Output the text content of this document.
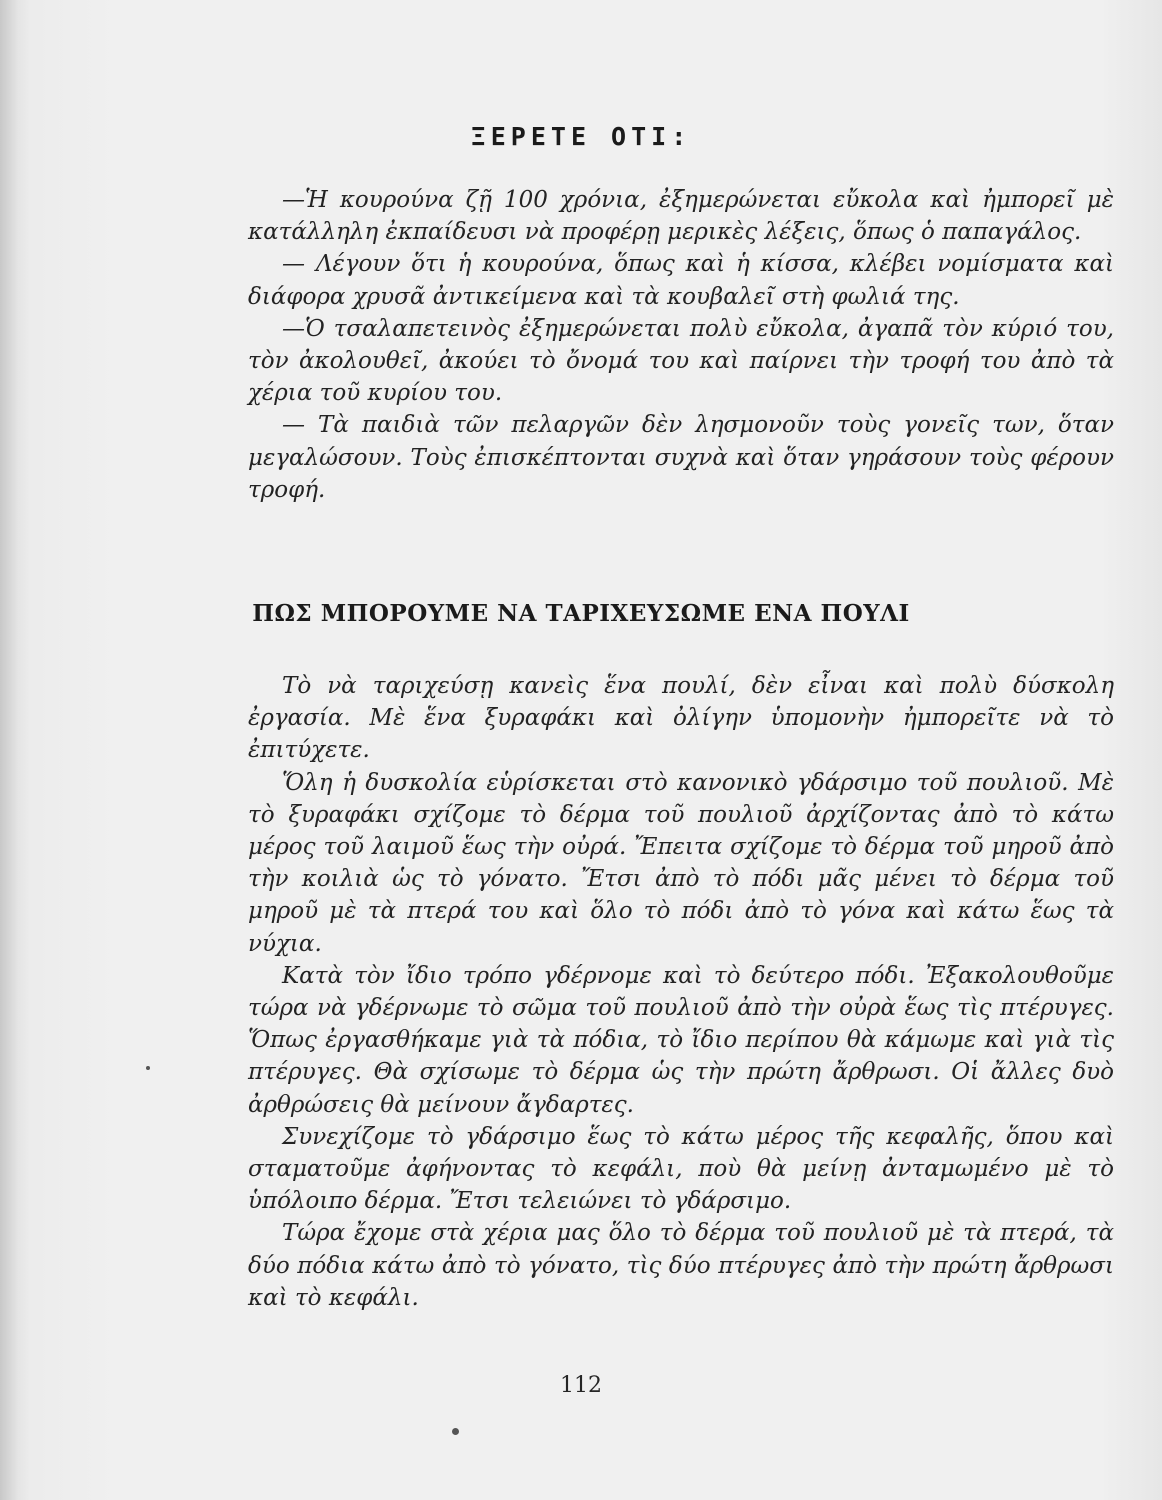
ΞΕΡΕΤΕ ΟΤΙ:

—Ἡ κουρούνα ζῇ 100 χρόνια, ἐξημερώνεται εὔκολα καὶ ἠμπορεῖ μὲ κατάλληλη ἐκπαίδευσι νὰ προφέρῃ μερικὲς λέξεις, ὅπως ὁ παπαγάλος.

— Λέγουν ὅτι ἡ κουρούνα, ὅπως καὶ ἡ κίσσα, κλέβει νομίσματα καὶ διάφορα χρυσᾶ ἀντικείμενα καὶ τὰ κουβαλεῖ στὴ φωλιά της.

—Ὁ τσαλαπετεινὸς ἐξημερώνεται πολὺ εὔκολα, ἀγαπᾶ τὸν κύριό του, τὸν ἀκολουθεῖ, ἀκούει τὸ ὄνομά του καὶ παίρνει τὴν τροφή του ἀπὸ τὰ χέρια τοῦ κυρίου του.

— Τὰ παιδιὰ τῶν πελαργῶν δὲν λησμονοῦν τοὺς γονεῖς των, ὅταν μεγαλώσουν. Τοὺς ἐπισκέπτονται συχνὰ καὶ ὅταν γηράσουν τοὺς φέρουν τροφή.

ΠΩΣ ΜΠΟΡΟΥΜΕ ΝΑ ΤΑΡΙΧΕΥΣΩΜΕ ΕΝΑ ΠΟΥΛΙ

Τὸ νὰ ταριχεύσῃ κανεὶς ἕνα πουλί, δὲν εἶναι καὶ πολὺ δύσκολη ἐργασία. Μὲ ἕνα ξυραφάκι καὶ ὀλίγην ὑπομονὴν ἠμπορεῖτε νὰ τὸ ἐπιτύχετε.

Ὅλη ἡ δυσκολία εὑρίσκεται στὸ κανονικὸ γδάρσιμο τοῦ πουλιοῦ. Μὲ τὸ ξυραφάκι σχίζομε τὸ δέρμα τοῦ πουλιοῦ ἀρχίζοντας ἀπὸ τὸ κάτω μέρος τοῦ λαιμοῦ ἕως τὴν οὐρά. Ἔπειτα σχίζομε τὸ δέρμα τοῦ μηροῦ ἀπὸ τὴν κοιλιὰ ὡς τὸ γόνατο. Ἔτσι ἀπὸ τὸ πόδι μᾶς μένει τὸ δέρμα τοῦ μηροῦ μὲ τὰ πτερά του καὶ ὅλο τὸ πόδι ἀπὸ τὸ γόνα καὶ κάτω ἕως τὰ νύχια.

Κατὰ τὸν ἴδιο τρόπο γδέρνομε καὶ τὸ δεύτερο πόδι. Ἐξακολουθοῦμε τώρα νὰ γδέρνωμε τὸ σῶμα τοῦ πουλιοῦ ἀπὸ τὴν οὐρὰ ἕως τὶς πτέρυγες. Ὅπως ἐργασθήκαμε γιὰ τὰ πόδια, τὸ ἴδιο περίπου θὰ κάμωμε καὶ γιὰ τὶς πτέρυγες. Θὰ σχίσωμε τὸ δέρμα ὡς τὴν πρώτη ἄρθρωσι. Οἱ ἄλλες δυὸ ἀρθρώσεις θὰ μείνουν ἄγδαρτες.

Συνεχίζομε τὸ γδάρσιμο ἕως τὸ κάτω μέρος τῆς κεφαλῆς, ὅπου καὶ σταματοῦμε ἀφήνοντας τὸ κεφάλι, ποὺ θὰ μείνῃ ἀνταμωμένο μὲ τὸ ὑπόλοιπο δέρμα. Ἔτσι τελειώνει τὸ γδάρσιμο.

Τώρα ἔχομε στὰ χέρια μας ὅλο τὸ δέρμα τοῦ πουλιοῦ μὲ τὰ πτερά, τὰ δύο πόδια κάτω ἀπὸ τὸ γόνατο, τὶς δύο πτέρυγες ἀπὸ τὴν πρώτη ἄρθρωσι καὶ τὸ κεφάλι.

112
